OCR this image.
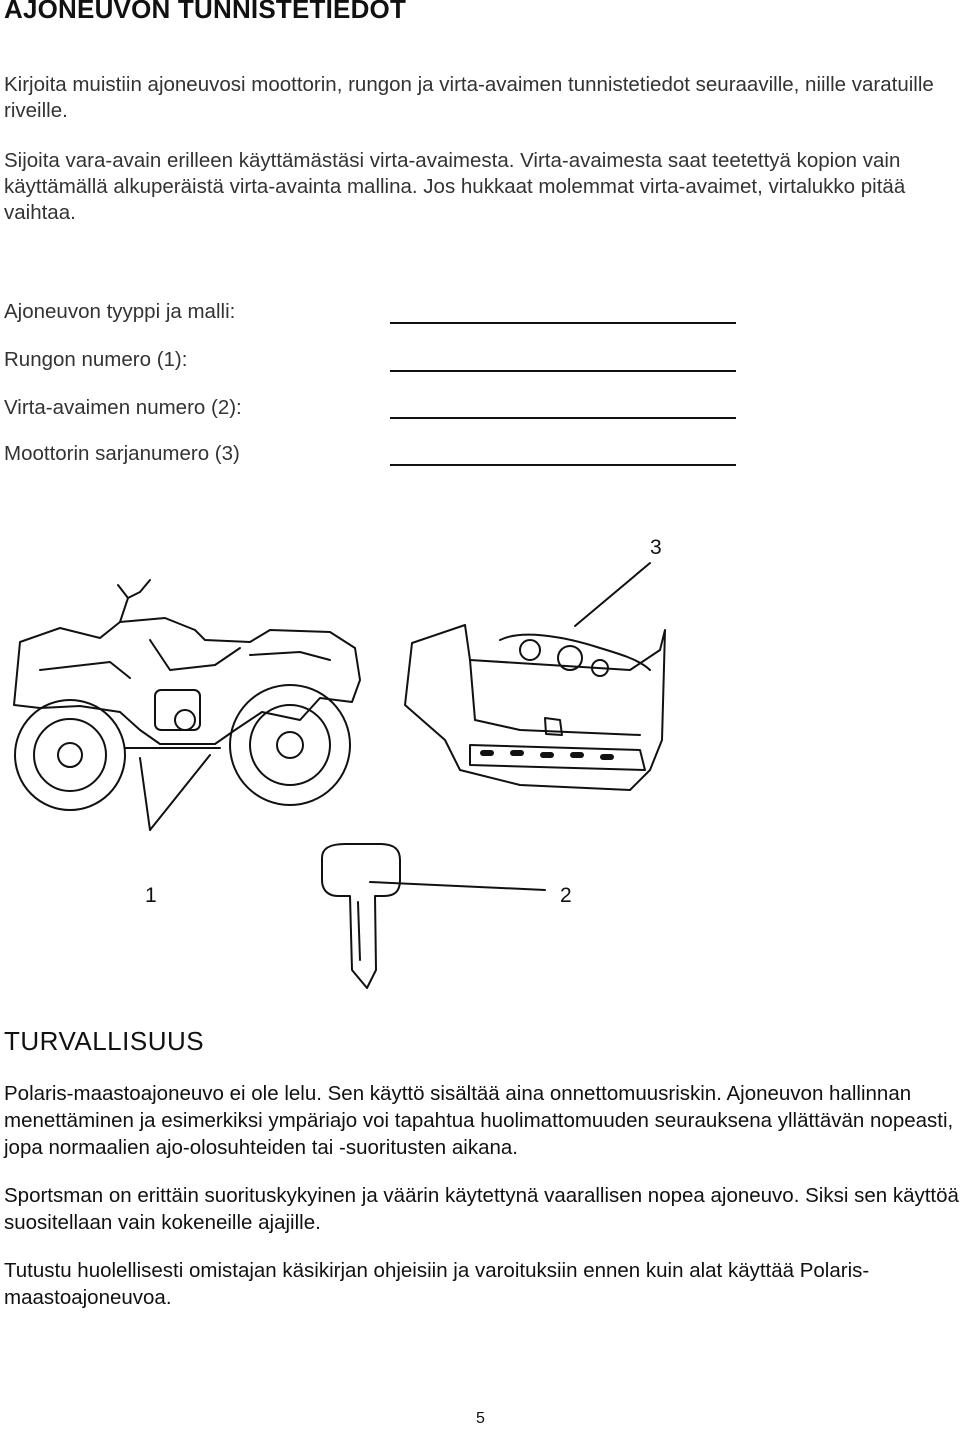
AJONEUVON TUNNISTETIEDOT

Kirjoita muistiin ajoneuvosi moottorin, rungon ja virta-avaimen tunnistetiedot seuraaville, niille varatuille riveille.

Sijoita vara-avain erilleen käyttämästäsi virta-avaimesta. Virta-avaimesta saat teetettyä kopion vain käyttämällä alkuperäistä virta-avainta mallina. Jos hukkaat molemmat virta-avaimet, virtalukko pitää vaihtaa.

Ajoneuvon tyyppi ja malli:
Rungon numero (1):
Virta-avaimen numero (2):
Moottorin sarjanumero (3)
3
1	2
TURVALLISUUS

Polaris-maastoajoneuvo ei ole lelu. Sen käyttö sisältää aina onnettomuusriskin. Ajoneuvon hallinnan menettäminen ja esimerkiksi ympäriajo voi tapahtua huolimattomuuden seurauksena yllättävän nopeasti, jopa normaalien ajo-olosuhteiden tai -suoritusten aikana.

Sportsman on erittäin suorituskykyinen ja väärin käytettynä vaarallisen nopea ajoneuvo. Siksi sen käyttöä suositellaan vain kokeneille ajajille.

Tutustu huolellisesti omistajan käsikirjan ohjeisiin ja varoituksiin ennen kuin alat käyttää Polaris-maastoajoneuvoa.

5
